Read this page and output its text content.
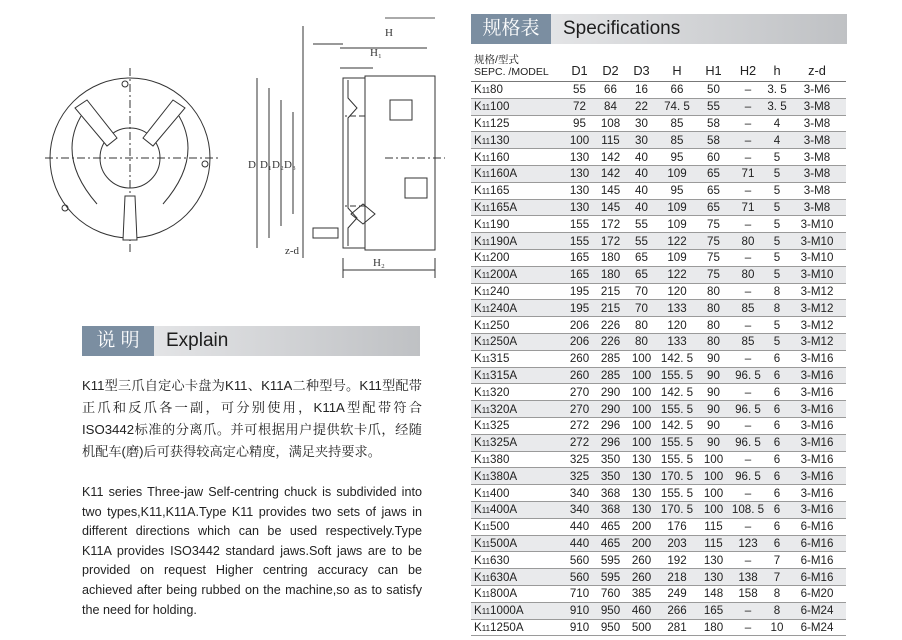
H
H₁
D D₁ D₂ D₃
H₂
z-d
说 明	Explain
K11型三爪自定心卡盘为K11、K11A二种型号。K11型配带正爪和反爪各一副，可分别使用，K11A型配带符合ISO3442标准的分离爪。并可根据用户提供软卡爪，经随机配车(磨)后可获得较高定心精度，满足夹持要求。
K11 series Three-jaw Self-centring chuck is subdivided into two types,K11,K11A.Type K11 provides two sets of jaws in different directions which can be used respectively.Type K11A provides ISO3442 standard jaws.Soft jaws are to be provided on request Higher centring accuracy can be achieved after being rubbed on the machine,so as to satisfy the need for holding.
规格表	Specifications
规格/型式
SEPC. /MODEL	D1	D2	D3	H	H1	H2	h	z-d
K1180	55	66	16	66	50	–	3. 5	3-M6
K11100	72	84	22	74. 5	55	–	3. 5	3-M8
K11125	95	108	30	85	58	–	4	3-M8
K11130	100	115	30	85	58	–	4	3-M8
K11160	130	142	40	95	60	–	5	3-M8
K11160A	130	142	40	109	65	71	5	3-M8
K11165	130	145	40	95	65	–	5	3-M8
K11165A	130	145	40	109	65	71	5	3-M8
K11190	155	172	55	109	75	–	5	3-M10
K11190A	155	172	55	122	75	80	5	3-M10
K11200	165	180	65	109	75	–	5	3-M10
K11200A	165	180	65	122	75	80	5	3-M10
K11240	195	215	70	120	80	–	8	3-M12
K11240A	195	215	70	133	80	85	8	3-M12
K11250	206	226	80	120	80	–	5	3-M12
K11250A	206	226	80	133	80	85	5	3-M12
K11315	260	285	100	142. 5	90	–	6	3-M16
K11315A	260	285	100	155. 5	90	96. 5	6	3-M16
K11320	270	290	100	142. 5	90	–	6	3-M16
K11320A	270	290	100	155. 5	90	96. 5	6	3-M16
K11325	272	296	100	142. 5	90	–	6	3-M16
K11325A	272	296	100	155. 5	90	96. 5	6	3-M16
K11380	325	350	130	155. 5	100	–	6	3-M16
K11380A	325	350	130	170. 5	100	96. 5	6	3-M16
K11400	340	368	130	155. 5	100	–	6	3-M16
K11400A	340	368	130	170. 5	100	108. 5	6	3-M16
K11500	440	465	200	176	115	–	6	6-M16
K11500A	440	465	200	203	115	123	6	6-M16
K11630	560	595	260	192	130	–	7	6-M16
K11630A	560	595	260	218	130	138	7	6-M16
K11800A	710	760	385	249	148	158	8	6-M20
K111000A	910	950	460	266	165	–	8	6-M24
K111250A	910	950	500	281	180	–	10	6-M24
